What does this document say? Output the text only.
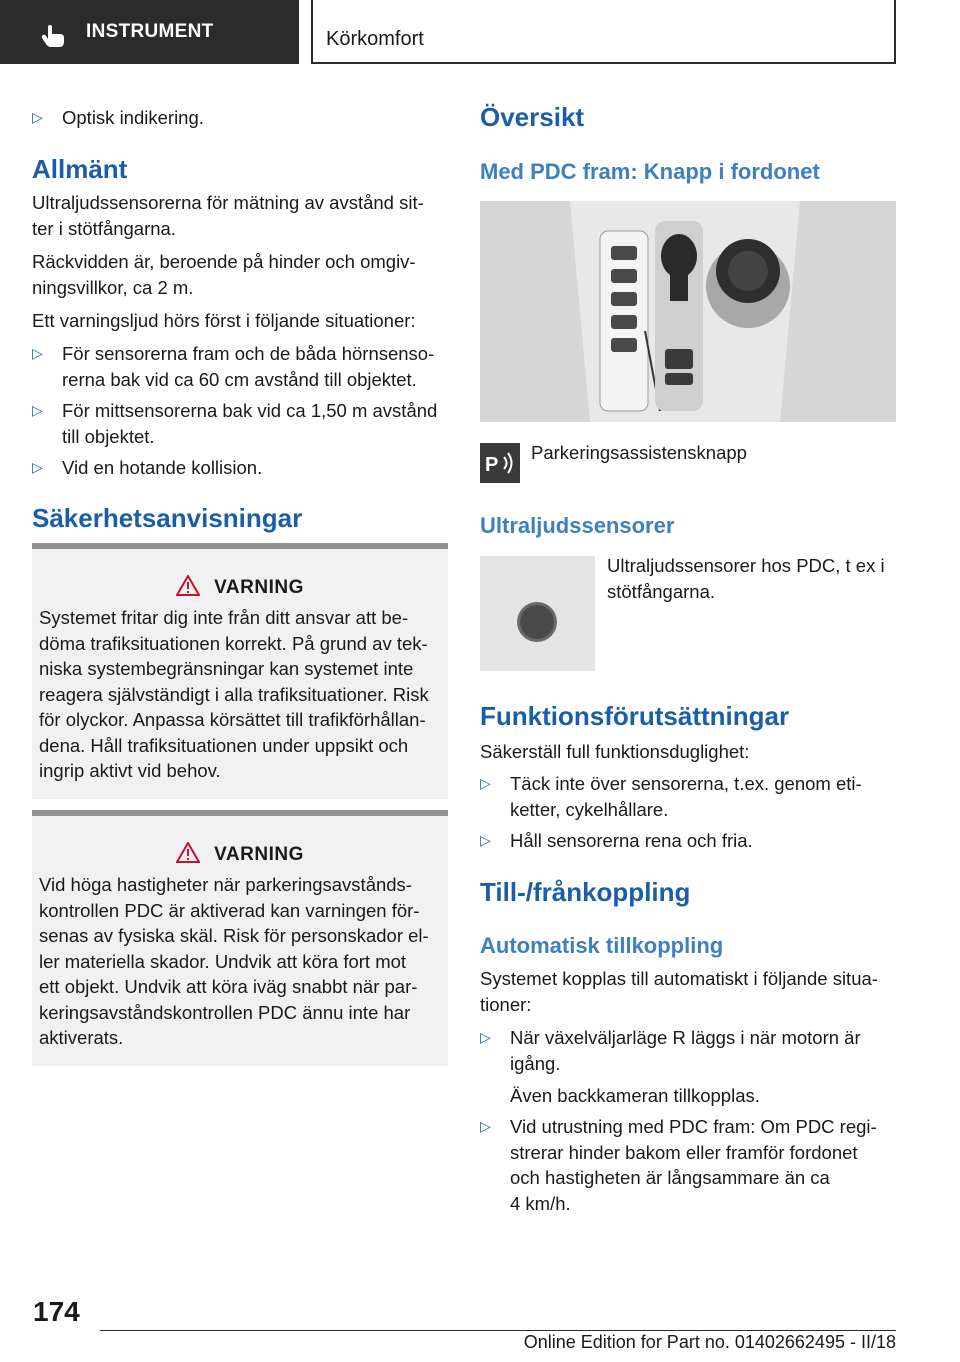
INSTRUMENT	Körkomfort
▷ Optisk indikering.
Allmänt
Ultraljudssensorerna för mätning av avstånd sit-
ter i stötfångarna.
Räckvidden är, beroende på hinder och omgiv-
ningsvillkor, ca 2 m.
Ett varningsljud hörs först i följande situationer:
▷ För sensorerna fram och de båda hörnsenso-
rerna bak vid ca 60 cm avstånd till objektet.
▷ För mittsensorerna bak vid ca 1,50 m avstånd
till objektet.
▷ Vid en hotande kollision.
Säkerhetsanvisningar
VARNING
Systemet fritar dig inte från ditt ansvar att be-
döma trafiksituationen korrekt. På grund av tek-
niska systembegränsningar kan systemet inte
reagera självständigt i alla trafiksituationer. Risk
för olyckor. Anpassa körsättet till trafikförhållan-
dena. Håll trafiksituationen under uppsikt och
ingrip aktivt vid behov.
VARNING
Vid höga hastigheter när parkeringsavstånds-
kontrollen PDC är aktiverad kan varningen för-
senas av fysiska skäl. Risk för personskador el-
ler materiella skador. Undvik att köra fort mot
ett objekt. Undvik att köra iväg snabbt när par-
keringsavståndskontrollen PDC ännu inte har
aktiverats.
Översikt
Med PDC fram: Knapp i fordonet
P
Parkeringsassistensknapp
Ultraljudssensorer
Ultraljudssensorer hos PDC, t ex i
stötfångarna.
Funktionsförutsättningar
Säkerställ full funktionsduglighet:
▷ Täck inte över sensorerna, t.ex. genom eti-
ketter, cykelhållare.
▷ Håll sensorerna rena och fria.
Till-/frånkoppling
Automatisk tillkoppling
Systemet kopplas till automatiskt i följande situa-
tioner:
▷ När växelväljarläge R läggs i när motorn är
igång.
Även backkameran tillkopplas.
▷ Vid utrustning med PDC fram: Om PDC regi-
strerar hinder bakom eller framför fordonet
och hastigheten är långsammare än ca
4 km/h.
174
Online Edition for Part no. 01402662495 - II/18
